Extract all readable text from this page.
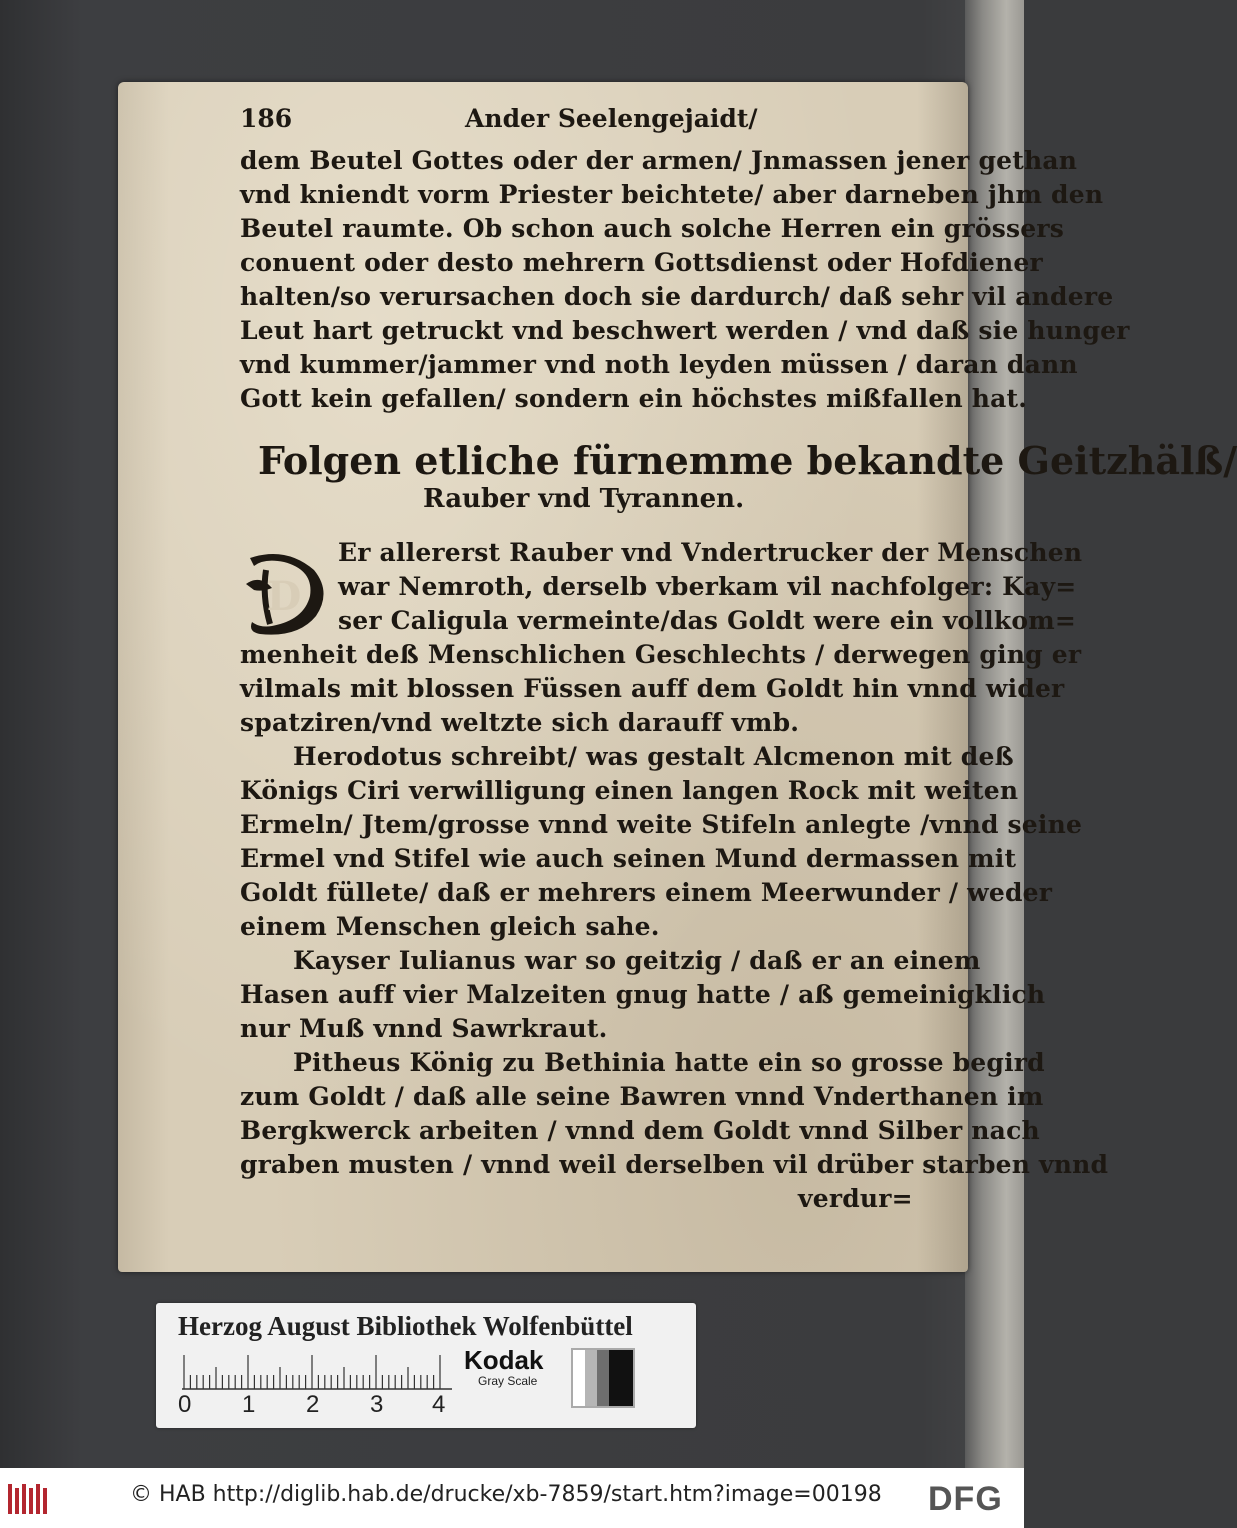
186	Ander Seelengejaidt/
dem Beutel Gottes oder der armen/ Jnmassen jener gethan
vnd kniendt vorm Priester beichtete/ aber darneben jhm den
Beutel raumte. Ob schon auch solche Herren ein grössers
conuent oder desto mehrern Gottsdienst oder Hofdiener
halten/so verursachen doch sie dardurch/ daß sehr vil andere
Leut hart getruckt vnd beschwert werden / vnd daß sie hunger
vnd kummer/jammer vnd noth leyden müssen / daran dann
Gott kein gefallen/ sondern ein höchstes mißfallen hat.
Folgen etliche fürnemme bekandte Geitzhälß/
Rauber vnd Tyrannen.
D
Er allererst Rauber vnd Vndertrucker der Menschen
war Nemroth, derselb vberkam vil nachfolger: Kay=
ser Caligula vermeinte/das Goldt were ein vollkom=
menheit deß Menschlichen Geschlechts / derwegen ging er
vilmals mit blossen Füssen auff dem Goldt hin vnnd wider
spatziren/vnd weltzte sich darauff vmb.
Herodotus schreibt/ was gestalt Alcmenon mit deß
Königs Ciri verwilligung einen langen Rock mit weiten
Ermeln/ Jtem/grosse vnnd weite Stifeln anlegte /vnnd seine
Ermel vnd Stifel wie auch seinen Mund dermassen mit
Goldt füllete/ daß er mehrers einem Meerwunder / weder
einem Menschen gleich sahe.
Kayser Iulianus war so geitzig / daß er an einem
Hasen auff vier Malzeiten gnug hatte / aß gemeinigklich
nur Muß vnnd Sawrkraut.
Pitheus König zu Bethinia hatte ein so grosse begird
zum Goldt / daß alle seine Bawren vnnd Vnderthanen im
Bergkwerck arbeiten / vnnd dem Goldt vnnd Silber nach
graben musten / vnnd weil derselben vil drüber starben vnnd
verdur=
Herzog August Bibliothek Wolfenbüttel
0 1 2 3 4
Kodak
Gray Scale
© HAB http://diglib.hab.de/drucke/xb-7859/start.htm?image=00198 DFG
